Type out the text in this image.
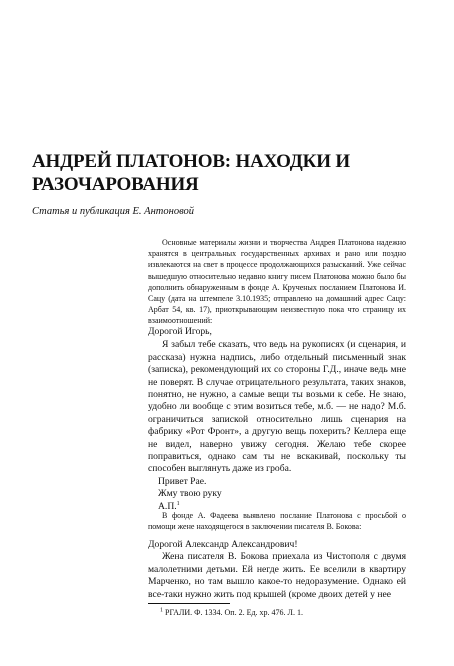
АНДРЕЙ ПЛАТОНОВ: НАХОДКИ И РАЗОЧАРОВАНИЯ

Статья и публикация Е. Антоновой

Основные материалы жизни и творчества Андрея Платонова надежно хранятся в центральных государственных архивах и рано или поздно извлекаются на свет в процессе продолжающихся разысканий. Уже сейчас вышедшую относительно недавно книгу писем Платонова можно было бы дополнить обнаруженным в фонде А. Крученых посланием Платонова И. Сацу (дата на штемпеле 3.10.1935; отправлено на домашний адрес Сацу: Арбат 54, кв. 17), приоткрывающим неизвестную пока что страницу их взаимоотношений:

Дорогой Игорь,

Я забыл тебе сказать, что ведь на рукописях (и сценария, и рассказа) нужна надпись, либо отдельный письменный знак (записка), рекомендующий их со стороны Г.Д., иначе ведь мне не поверят. В случае отрицательного результата, таких знаков, понятно, не нужно, а самые вещи ты возьми к себе. Не знаю, удобно ли вообще с этим возиться тебе, м.б. — не надо? М.б. ограничиться запиской относительно лишь сценария на фабрику «Рот Фронт», а другую вещь похерить? Келлера еще не видел, наверно увижу сегодня. Желаю тебе скорее поправиться, однако сам ты не вскакивай, поскольку ты способен выглянуть даже из гроба.

Привет Рае.

Жму твою руку

А.П.$^1$

В фонде А. Фадеева выявлено послание Платонова с просьбой о помощи жене находящегося в заключении писателя В. Бокова:

Дорогой Александр Александрович!

Жена писателя В. Бокова приехала из Чистополя с двумя малолетними детьми. Ей негде жить. Ее вселили в квартиру Марченко, но там вышло какое-то недоразумение. Однако ей все-таки нужно жить под крышей (кроме двоих детей у нее

$^1$ РГАЛИ. Ф. 1334. Оп. 2. Ед. хр. 476. Л. 1.
